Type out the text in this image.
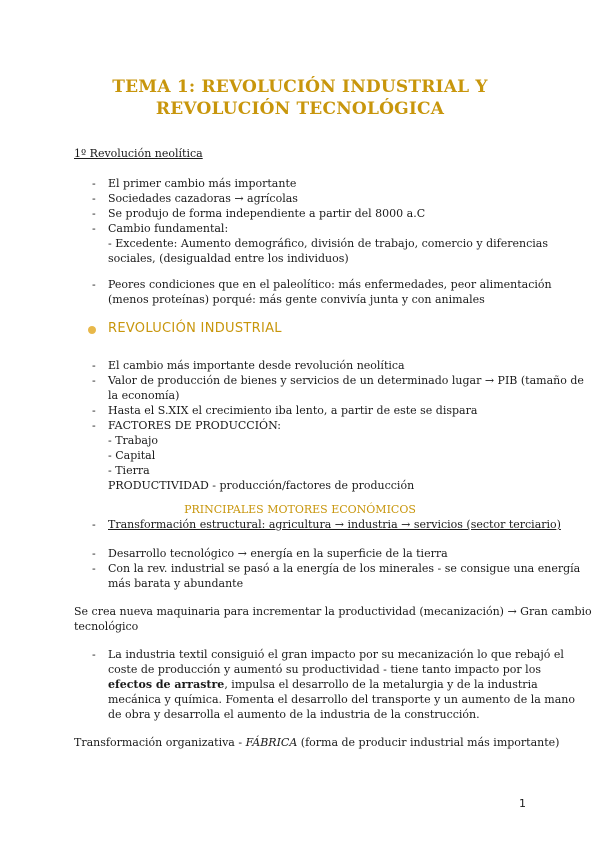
TEMA 1: REVOLUCIÓN INDUSTRIAL Y
REVOLUCIÓN TECNOLÓGICA
1º Revolución neolítica
- El primer cambio más importante
- Sociedades cazadoras → agrícolas
- Se produjo de forma independiente a partir del 8000 a.C
- Cambio fundamental:
- Excedente: Aumento demográfico, división de trabajo, comercio y diferencias
sociales, (desigualdad entre los individuos)
- Peores condiciones que en el paleolítico: más enfermedades, peor alimentación
(menos proteínas) porqué: más gente convivía junta y con animales
REVOLUCIÓN INDUSTRIAL
- El cambio más importante desde revolución neolítica
- Valor de producción de bienes y servicios de un determinado lugar → PIB (tamaño de
la economía)
- Hasta el S.XIX el crecimiento iba lento, a partir de este se dispara
- FACTORES DE PRODUCCIÓN:
- Trabajo
- Capital
- Tierra
PRODUCTIVIDAD - producción/factores de producción
PRINCIPALES MOTORES ECONÓMICOS
- Transformación estructural: agricultura → industria → servicios (sector terciario)
- Desarrollo tecnológico → energía en la superficie de la tierra
- Con la rev. industrial se pasó a la energía de los minerales - se consigue una energía
más barata y abundante
Se crea nueva maquinaria para incrementar la productividad (mecanización) → Gran cambio
tecnológico
- La industria textil consiguió el gran impacto por su mecanización lo que rebajó el
coste de producción y aumentó su productividad - tiene tanto impacto por los
efectos de arrastre, impulsa el desarrollo de la metalurgia y de la industria
mecánica y química. Fomenta el desarrollo del transporte y un aumento de la mano
de obra y desarrolla el aumento de la industria de la construcción.
Transformación organizativa - FÁBRICA (forma de producir industrial más importante)
1
